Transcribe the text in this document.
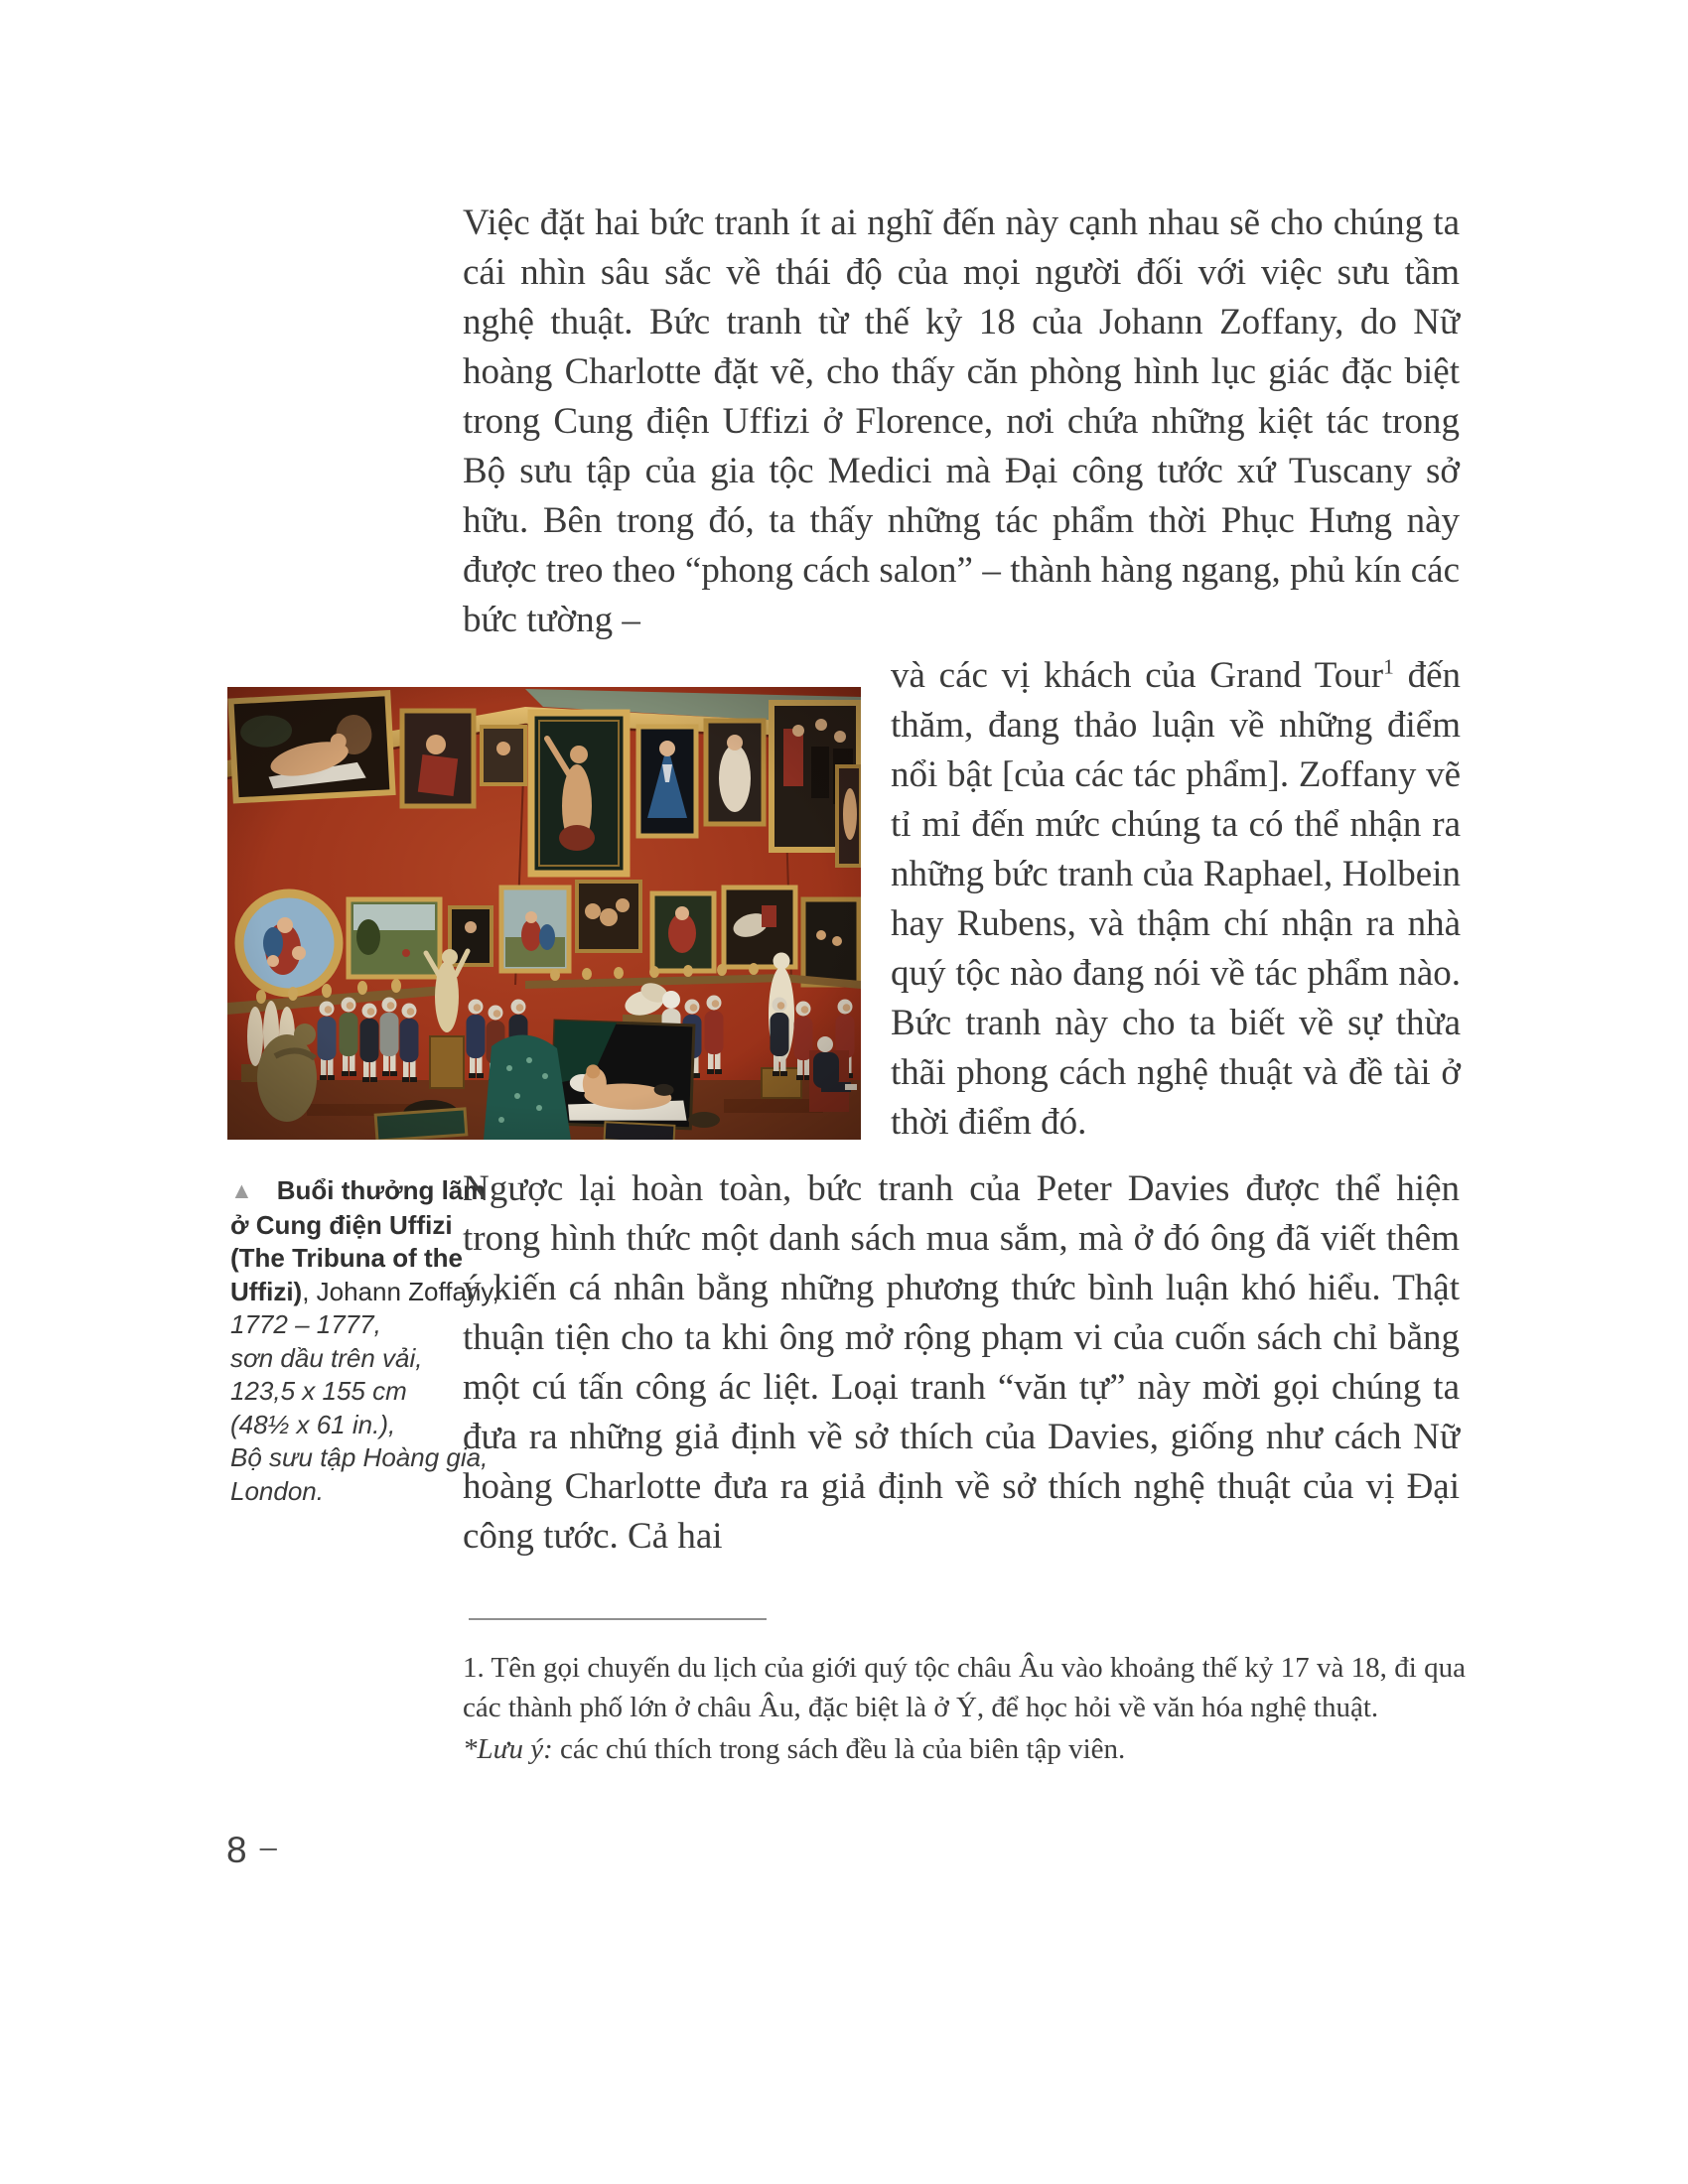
Việc đặt hai bức tranh ít ai nghĩ đến này cạnh nhau sẽ cho chúng ta cái nhìn sâu sắc về thái độ của mọi người đối với việc sưu tầm nghệ thuật. Bức tranh từ thế kỷ 18 của Johann Zoffany, do Nữ hoàng Charlotte đặt vẽ, cho thấy căn phòng hình lục giác đặc biệt trong Cung điện Uffizi ở Florence, nơi chứa những kiệt tác trong Bộ sưu tập của gia tộc Medici mà Đại công tước xứ Tuscany sở hữu. Bên trong đó, ta thấy những tác phẩm thời Phục Hưng này được treo theo “phong cách salon” – thành hàng ngang, phủ kín các bức tường –
và các vị khách của Grand Tour$^1$ đến thăm, đang thảo luận về những điểm nổi bật [của các tác phẩm]. Zoffany vẽ tỉ mỉ đến mức chúng ta có thể nhận ra những bức tranh của Raphael, Holbein hay Rubens, và thậm chí nhận ra nhà quý tộc nào đang nói về tác phẩm nào. Bức tranh này cho ta biết về sự thừa thãi phong cách nghệ thuật và đề tài ở thời điểm đó.
▲ Buổi thưởng lãm
ở Cung điện Uffizi
(The Tribuna of the
Uffizi), Johann Zoffany,
1772 – 1777,
sơn dầu trên vải,
123,5 x 155 cm
(48½ x 61 in.),
Bộ sưu tập Hoàng gia,
London.
Ngược lại hoàn toàn, bức tranh của Peter Davies được thể hiện trong hình thức một danh sách mua sắm, mà ở đó ông đã viết thêm ý kiến cá nhân bằng những phương thức bình luận khó hiểu. Thật thuận tiện cho ta khi ông mở rộng phạm vi của cuốn sách chỉ bằng một cú tấn công ác liệt. Loại tranh “văn tự” này mời gọi chúng ta đưa ra những giả định về sở thích của Davies, giống như cách Nữ hoàng Charlotte đưa ra giả định về sở thích nghệ thuật của vị Đại công tước. Cả hai
1. Tên gọi chuyến du lịch của giới quý tộc châu Âu vào khoảng thế kỷ 17 và 18, đi qua các thành phố lớn ở châu Âu, đặc biệt là ở Ý, để học hỏi về văn hóa nghệ thuật.
*Lưu ý: các chú thích trong sách đều là của biên tập viên.
8 –
